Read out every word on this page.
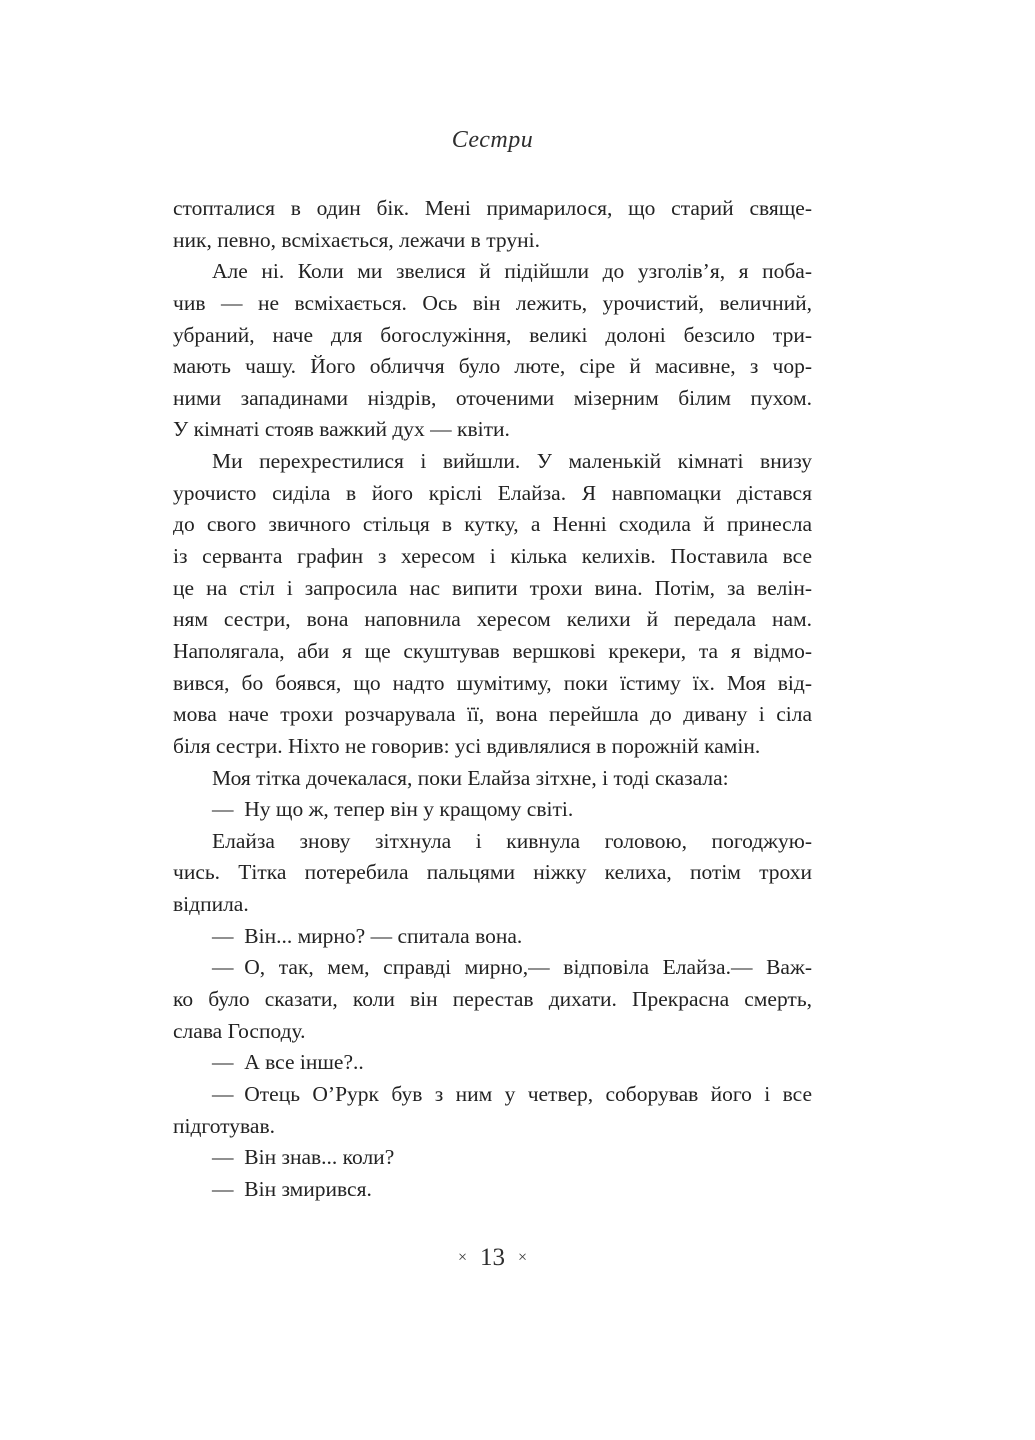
Сестри
стопталися в один бік. Мені примарилося, що старий свяще-
ник, певно, всміхається, лежачи в труні.
Але ні. Коли ми звелися й підійшли до узголів’я, я поба-
чив — не всміхається. Ось він лежить, урочистий, величний,
убраний, наче для богослужіння, великі долоні безсило три-
мають чашу. Його обличчя було люте, сіре й масивне, з чор-
ними западинами ніздрів, оточеними мізерним білим пухом.
У кімнаті стояв важкий дух — квіти.
Ми перехрестилися і вийшли. У маленькій кімнаті внизу
урочисто сиділа в його кріслі Елайза. Я навпомацки дістався
до свого звичного стільця в кутку, а Ненні сходила й принесла
із серванта графин з хересом і кілька келихів. Поставила все
це на стіл і запросила нас випити трохи вина. Потім, за велін-
ням сестри, вона наповнила хересом келихи й передала нам.
Наполягала, аби я ще скуштував вершкові крекери, та я відмо-
вився, бо боявся, що надто шумітиму, поки їстиму їх. Моя від-
мова наче трохи розчарувала її, вона перейшла до дивану і сіла
біля сестри. Ніхто не говорив: усі вдивлялися в порожній камін.
Моя тітка дочекалася, поки Елайза зітхне, і тоді сказала:
— Ну що ж, тепер він у кращому світі.
Елайза знову зітхнула і кивнула головою, погоджую-
чись. Тітка потеребила пальцями ніжку келиха, потім трохи
відпила.
— Він... мирно? — спитала вона.
— О, так, мем, справді мирно,— відповіла Елайза.— Важ-
ко було сказати, коли він перестав дихати. Прекрасна смерть,
слава Господу.
— А все інше?..
— Отець О’Рурк був з ним у четвер, соборував його і все
підготував.
— Він знав... коли?
— Він змирився.
× 13 ×
